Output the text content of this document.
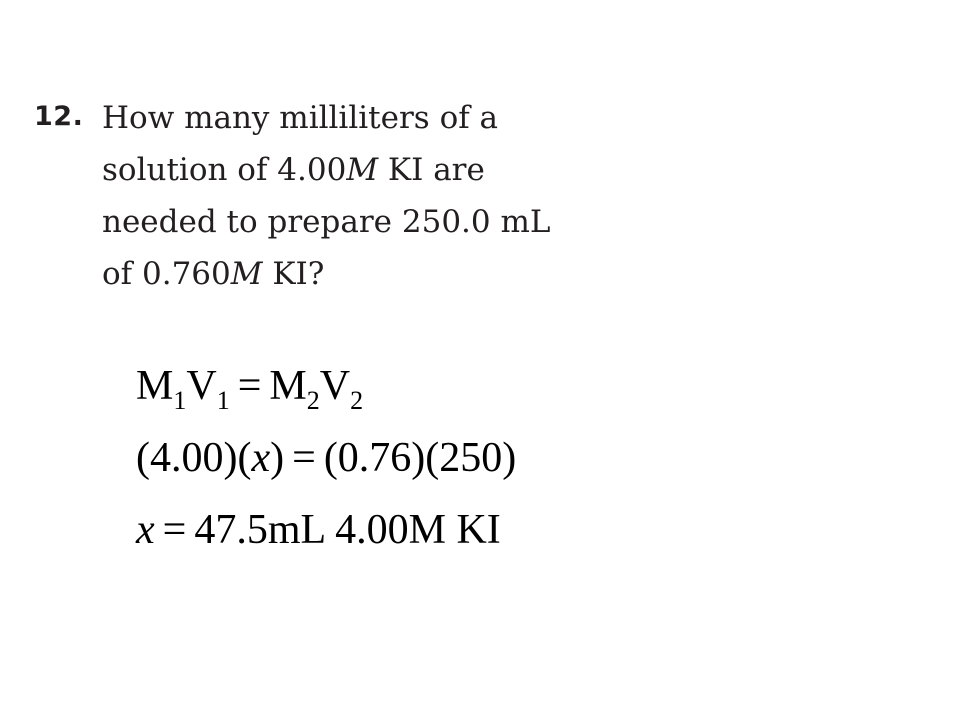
12. How many milliliters of a
solution of 4.00M KI are
needed to prepare 250.0 mL
of 0.760M KI?
$M_1V_1 = M_2V_2$
(4.00)(x) = (0.76)(250)
x = 47.5mL 4.00M KI
